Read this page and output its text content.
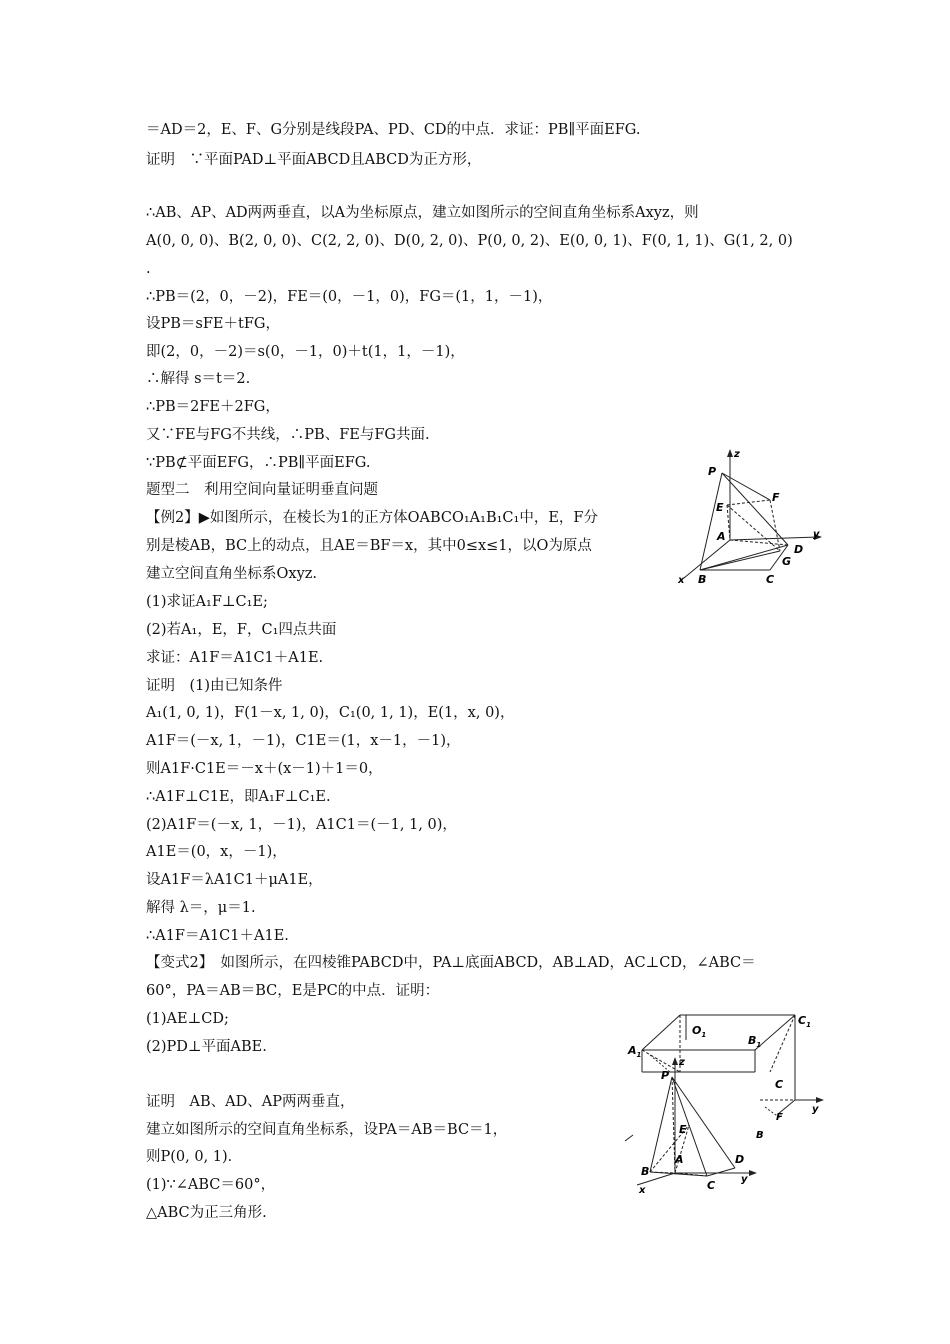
＝AD＝2，E、F、G分别是线段PA、PD、CD的中点．求证：PB∥平面EFG.
证明　∵平面PAD⊥平面ABCD且ABCD为正方形，
∴AB、AP、AD两两垂直，以A为坐标原点，建立如图所示的空间直角坐标系Axyz，则
A(0, 0, 0)、B(2, 0, 0)、C(2, 2, 0)、D(0, 2, 0)、P(0, 0, 2)、E(0, 0, 1)、F(0, 1, 1)、G(1, 2, 0)
.
∴PB＝(2，0，－2)，FE＝(0，－1，0)，FG＝(1，1，－1)，
设PB＝sFE＋tFG，
即(2，0，－2)＝s(0，－1，0)＋t(1，1，－1)，
∴解得 s＝t＝2.
∴PB＝2FE＋2FG，
又∵FE与FG不共线，∴PB、FE与FG共面.
∵PB⊄平面EFG，∴PB∥平面EFG.
题型二　利用空间向量证明垂直问题
【例2】▶如图所示，在棱长为1的正方体OABCO₁A₁B₁C₁中，E，F分
别是棱AB，BC上的动点，且AE＝BF＝x，其中0≤x≤1，以O为原点
建立空间直角坐标系Oxyz.
(1)求证A₁F⊥C₁E;
(2)若A₁，E，F，C₁四点共面
求证：A1F＝A1C1＋A1E.
证明　(1)由已知条件
A₁(1, 0, 1)，F(1－x, 1, 0)，C₁(0, 1, 1)，E(1，x, 0)，
A1F＝(－x, 1，－1)，C1E＝(1，x－1，－1)，
则A1F·C1E＝－x＋(x－1)＋1＝0，
∴A1F⊥C1E，即A₁F⊥C₁E.
(2)A1F＝(－x, 1，－1)，A1C1＝(－1, 1, 0)，
A1E＝(0，x，－1)，
设A1F＝λA1C1＋μA1E，
解得 λ＝，μ＝1.
∴A1F＝A1C1＋A1E.
【变式2】　如图所示，在四棱锥PABCD中，PA⊥底面ABCD，AB⊥AD，AC⊥CD，∠ABC＝
60°，PA＝AB＝BC，E是PC的中点．证明：
(1)AE⊥CD;
(2)PD⊥平面ABE.
证明　AB、AD、AP两两垂直，
建立如图所示的空间直角坐标系，设PA＝AB＝BC＝1，
则P(0, 0, 1)．
(1)∵∠ABC＝60°，
△ABC为正三角形.
z
P
F
E
A
D
y
G
x B	C
$O_1$
$C_1$
$A_1$
$B_1$
C
F
y
B
z
P
E
A	D
y
B
C
x
